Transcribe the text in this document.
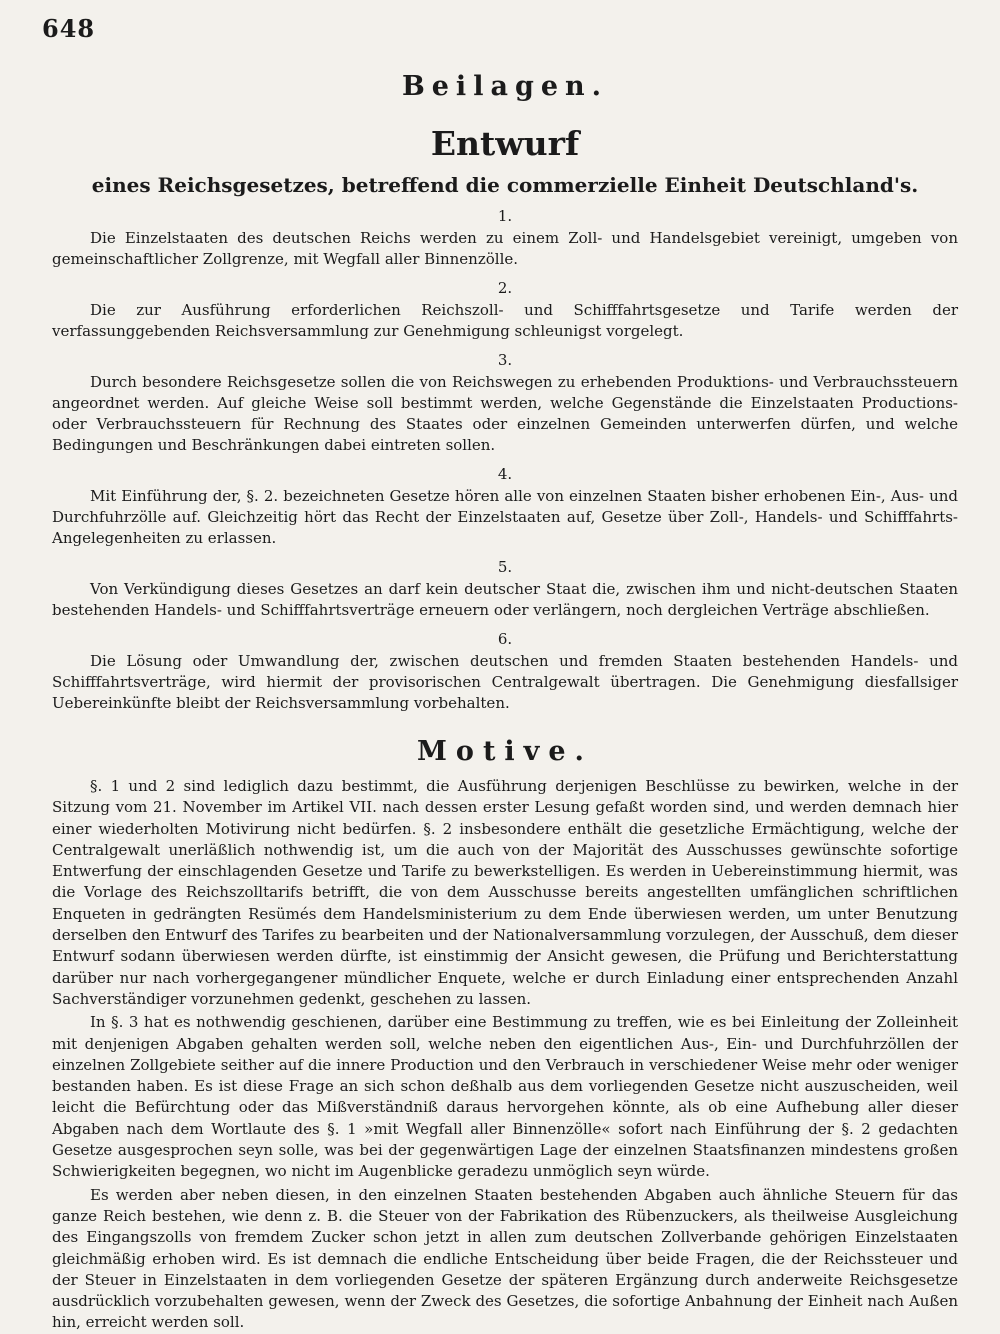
648
Beilagen.
Entwurf
eines Reichsgesetzes, betreffend die commerzielle Einheit Deutschland's.
1.

Die Einzelstaaten des deutschen Reichs werden zu einem Zoll- und Handelsgebiet vereinigt, umgeben von gemeinschaftlicher Zollgrenze, mit Wegfall aller Binnenzölle.

2.

Die zur Ausführung erforderlichen Reichszoll- und Schifffahrtsgesetze und Tarife werden der verfassunggebenden Reichsversammlung zur Genehmigung schleunigst vorgelegt.

3.

Durch besondere Reichsgesetze sollen die von Reichswegen zu erhebenden Produktions- und Verbrauchssteuern angeordnet werden. Auf gleiche Weise soll bestimmt werden, welche Gegenstände die Einzelstaaten Productions- oder Verbrauchssteuern für Rechnung des Staates oder einzelnen Gemeinden unterwerfen dürfen, und welche Bedingungen und Beschränkungen dabei eintreten sollen.

4.

Mit Einführung der, §. 2. bezeichneten Gesetze hören alle von einzelnen Staaten bisher erhobenen Ein-, Aus- und Durchfuhrzölle auf. Gleichzeitig hört das Recht der Einzelstaaten auf, Gesetze über Zoll-, Handels- und Schifffahrts-Angelegenheiten zu erlassen.

5.

Von Verkündigung dieses Gesetzes an darf kein deutscher Staat die, zwischen ihm und nicht-deutschen Staaten bestehenden Handels- und Schifffahrtsverträge erneuern oder verlängern, noch dergleichen Verträge abschließen.

6.

Die Lösung oder Umwandlung der, zwischen deutschen und fremden Staaten bestehenden Handels- und Schifffahrtsverträge, wird hiermit der provisorischen Centralgewalt übertragen. Die Genehmigung diesfallsiger Uebereinkünfte bleibt der Reichsversammlung vorbehalten.

Motive.

§. 1 und 2 sind lediglich dazu bestimmt, die Ausführung derjenigen Beschlüsse zu bewirken, welche in der Sitzung vom 21. November im Artikel VII. nach dessen erster Lesung gefaßt worden sind, und werden demnach hier einer wiederholten Motivirung nicht bedürfen. §. 2 insbesondere enthält die gesetzliche Ermächtigung, welche der Centralgewalt unerläßlich nothwendig ist, um die auch von der Majorität des Ausschusses gewünschte sofortige Entwerfung der einschlagenden Gesetze und Tarife zu bewerkstelligen. Es werden in Uebereinstimmung hiermit, was die Vorlage des Reichszolltarifs betrifft, die von dem Ausschusse bereits angestellten umfänglichen schriftlichen Enqueten in gedrängten Resümés dem Handelsministerium zu dem Ende überwiesen werden, um unter Benutzung derselben den Entwurf des Tarifes zu bearbeiten und der Nationalversammlung vorzulegen, der Ausschuß, dem dieser Entwurf sodann überwiesen werden dürfte, ist einstimmig der Ansicht gewesen, die Prüfung und Berichterstattung darüber nur nach vorhergegangener mündlicher Enquete, welche er durch Einladung einer entsprechenden Anzahl Sachverständiger vorzunehmen gedenkt, geschehen zu lassen.

In §. 3 hat es nothwendig geschienen, darüber eine Bestimmung zu treffen, wie es bei Einleitung der Zolleinheit mit denjenigen Abgaben gehalten werden soll, welche neben den eigentlichen Aus-, Ein- und Durchfuhrzöllen der einzelnen Zollgebiete seither auf die innere Production und den Verbrauch in verschiedener Weise mehr oder weniger bestanden haben. Es ist diese Frage an sich schon deßhalb aus dem vorliegenden Gesetze nicht auszuscheiden, weil leicht die Befürchtung oder das Mißverständniß daraus hervorgehen könnte, als ob eine Aufhebung aller dieser Abgaben nach dem Wortlaute des §. 1 »mit Wegfall aller Binnenzölle« sofort nach Einführung der §. 2 gedachten Gesetze ausgesprochen seyn solle, was bei der gegenwärtigen Lage der einzelnen Staatsfinanzen mindestens großen Schwierigkeiten begegnen, wo nicht im Augenblicke geradezu unmöglich seyn würde.

Es werden aber neben diesen, in den einzelnen Staaten bestehenden Abgaben auch ähnliche Steuern für das ganze Reich bestehen, wie denn z. B. die Steuer von der Fabrikation des Rübenzuckers, als theilweise Ausgleichung des Eingangszolls von fremdem Zucker schon jetzt in allen zum deutschen Zollverbande gehörigen Einzelstaaten gleichmäßig erhoben wird. Es ist demnach die endliche Entscheidung über beide Fragen, die der Reichssteuer und der Steuer in Einzelstaaten in dem vorliegenden Gesetze der späteren Ergänzung durch anderweite Reichsgesetze ausdrücklich vorzubehalten gewesen, wenn der Zweck des Gesetzes, die sofortige Anbahnung der Einheit nach Außen hin, erreicht werden soll.
